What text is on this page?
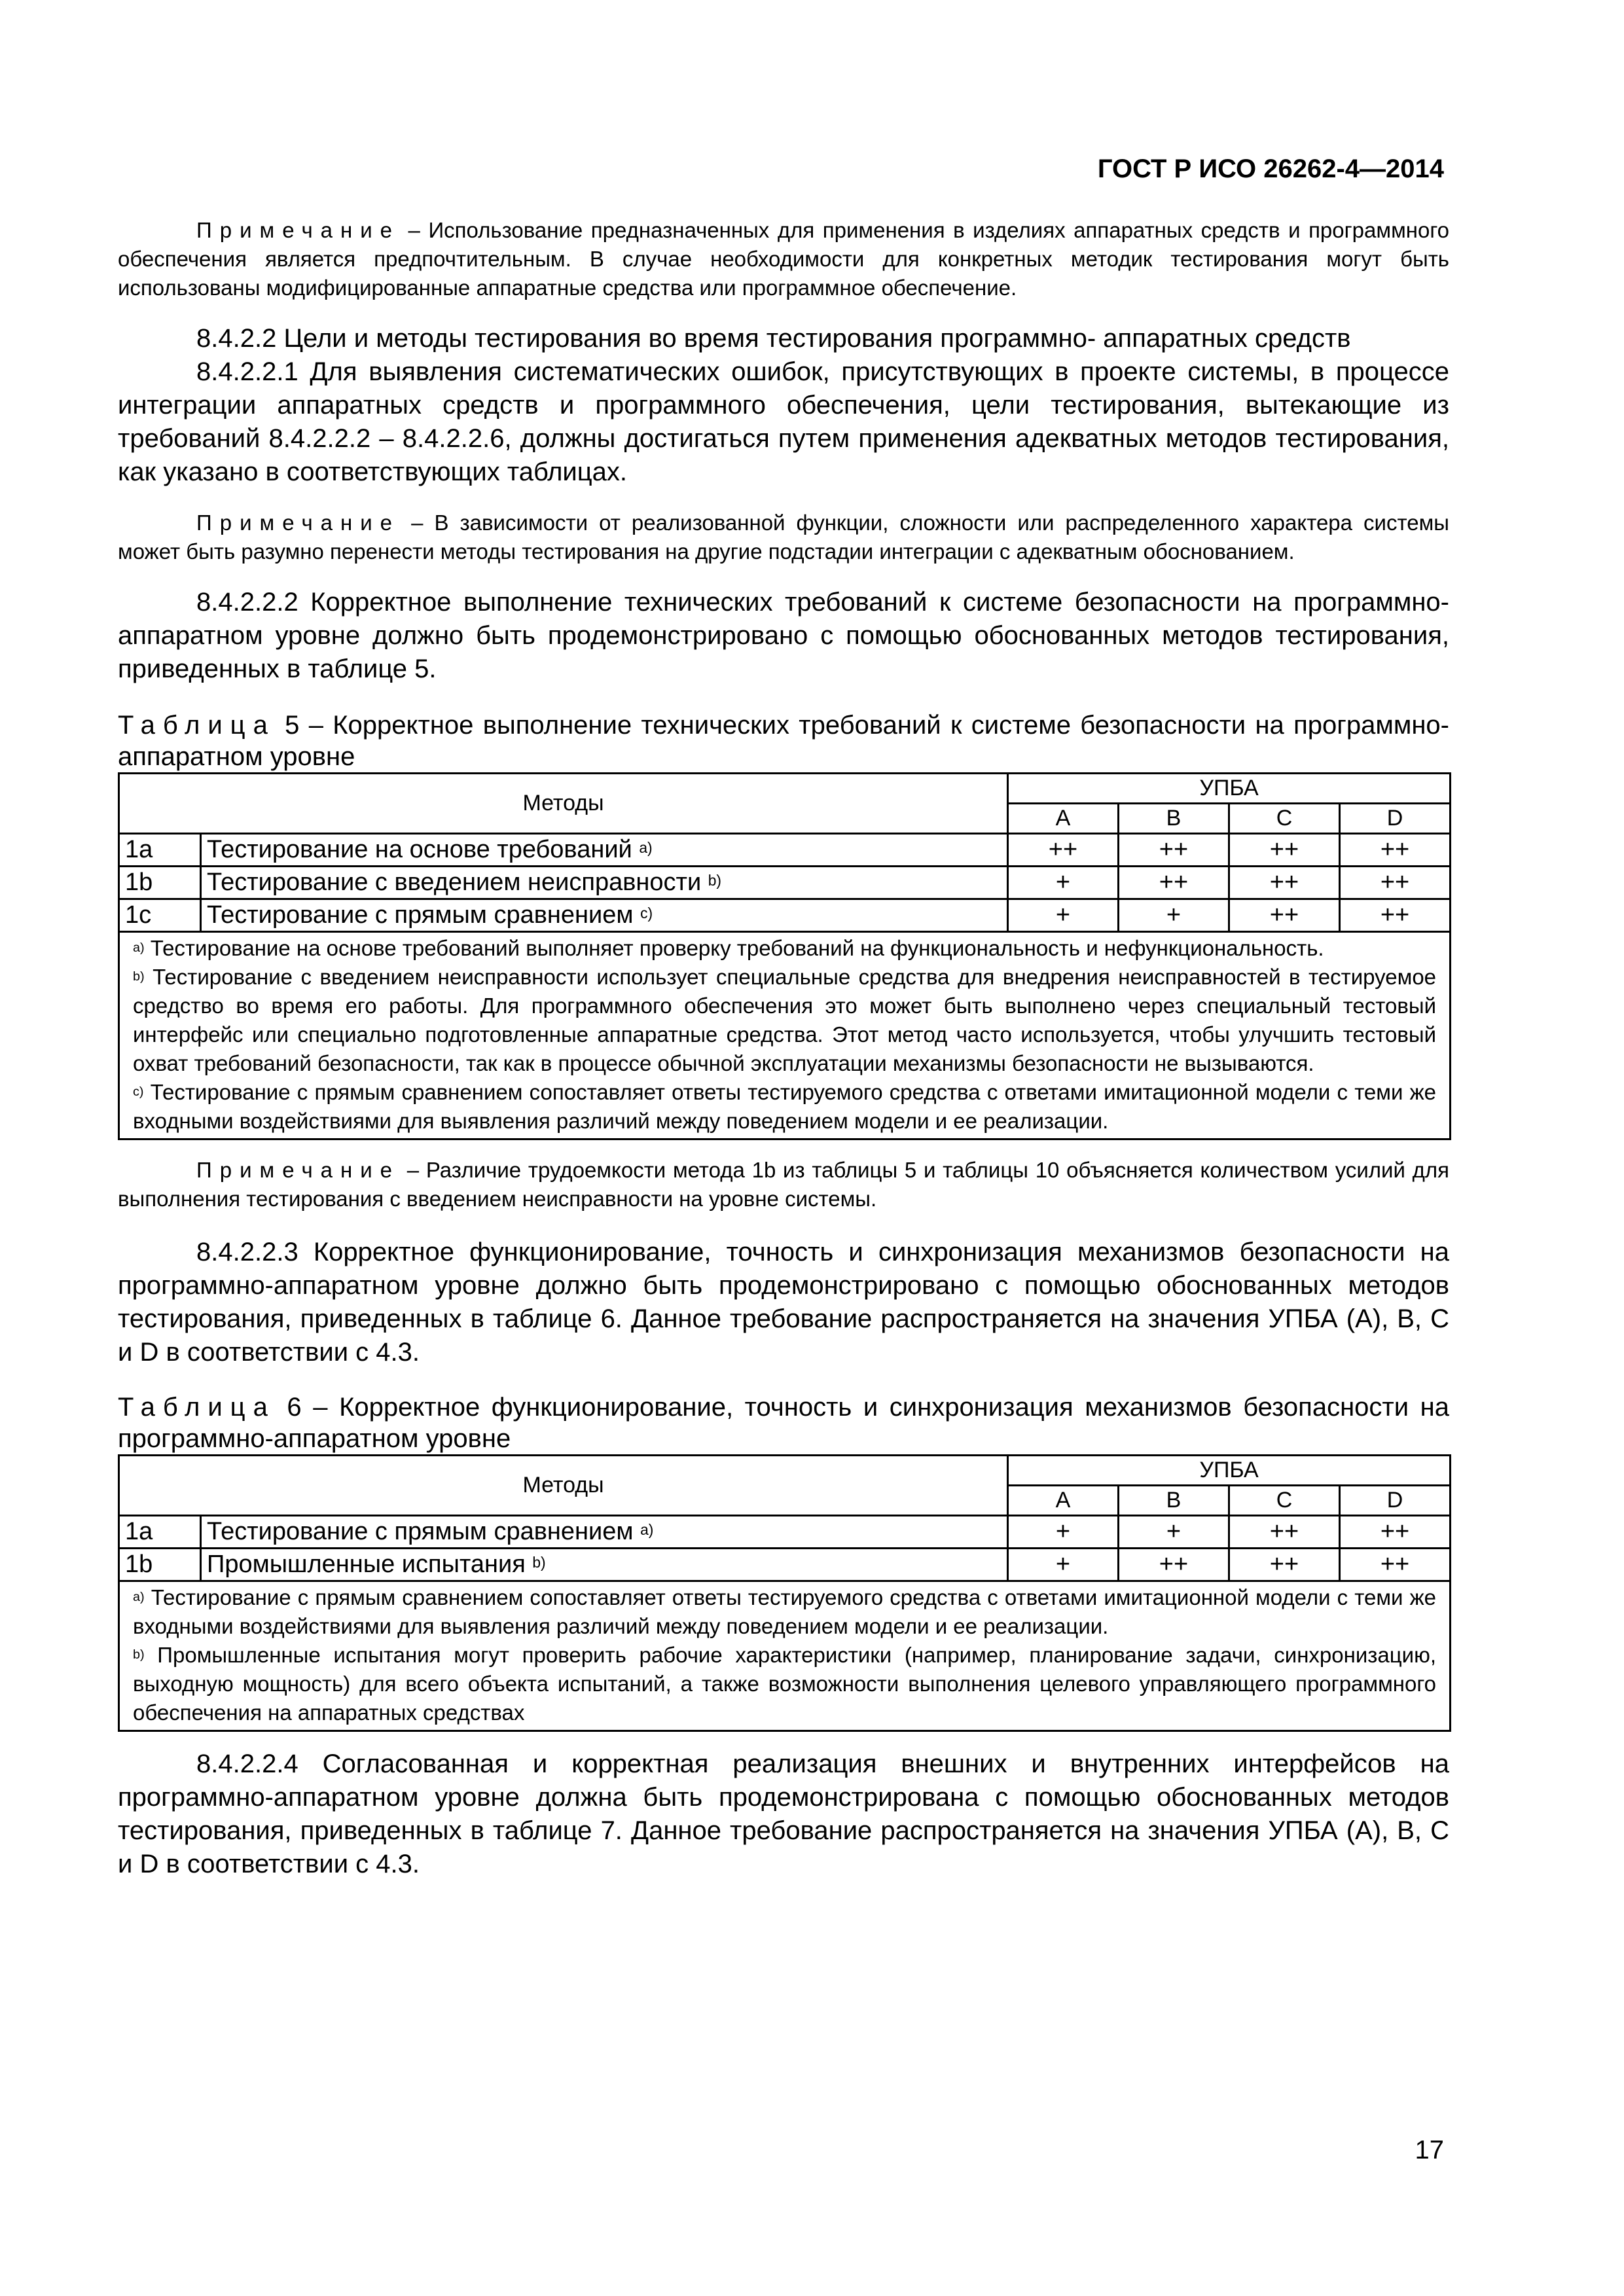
ГОСТ Р ИСО 26262-4—2014

Примечание – Использование предназначенных для применения в изделиях аппаратных средств и программного обеспечения является предпочтительным. В случае необходимости для конкретных методик тестирования могут быть использованы модифицированные аппаратные средства или программное обеспечение.

8.4.2.2 Цели и методы тестирования во время тестирования программно- аппаратных средств

8.4.2.2.1 Для выявления систематических ошибок, присутствующих в проекте системы, в процессе интеграции аппаратных средств и программного обеспечения, цели тестирования, вытекающие из требований 8.4.2.2.2 – 8.4.2.2.6, должны достигаться путем применения адекватных методов тестирования, как указано в соответствующих таблицах.

Примечание – В зависимости от реализованной функции, сложности или распределенного характера системы может быть разумно перенести методы тестирования на другие подстадии интеграции с адекватным обоснованием.

8.4.2.2.2 Корректное выполнение технических требований к системе безопасности на программно-аппаратном уровне должно быть продемонстрировано с помощью обоснованных методов тестирования, приведенных в таблице 5.

Таблица 5 – Корректное выполнение технических требований к системе безопасности на программно-аппаратном уровне

Методы		УПБА			
		A	B	C	D
1a	Тестирование на основе требований $^{a)}$	++	++	++	++
1b	Тестирование с введением неисправности $^{b)}$	+	++	++	++
1c	Тестирование с прямым сравнением $^{c)}$	+	+	++	++

$^{a)}$ Тестирование на основе требований выполняет проверку требований на функциональность и нефункциональность.

$^{b)}$ Тестирование с введением неисправности использует специальные средства для внедрения неисправностей в тестируемое средство во время его работы. Для программного обеспечения это может быть выполнено через специальный тестовый интерфейс или специально подготовленные аппаратные средства. Этот метод часто используется, чтобы улучшить тестовый охват требований безопасности, так как в процессе обычной эксплуатации механизмы безопасности не вызываются.

$^{c)}$ Тестирование с прямым сравнением сопоставляет ответы тестируемого средства с ответами имитационной модели с теми же входными воздействиями для выявления различий между поведением модели и ее реализации.					

Примечание – Различие трудоемкости метода 1b из таблицы 5 и таблицы 10 объясняется количеством усилий для выполнения тестирования с введением неисправности на уровне системы.

8.4.2.2.3 Корректное функционирование, точность и синхронизация механизмов безопасности на программно-аппаратном уровне должно быть продемонстрировано с помощью обоснованных методов тестирования, приведенных в таблице 6. Данное требование распространяется на значения УПБА (A), B, C и D в соответствии с 4.3.

Таблица 6 – Корректное функционирование, точность и синхронизация механизмов безопасности на программно-аппаратном уровне

Методы		УПБА			
		A	B	C	D
1a	Тестирование с прямым сравнением $^{a)}$	+	+	++	++
1b	Промышленные испытания $^{b)}$	+	++	++	++

$^{a)}$ Тестирование с прямым сравнением сопоставляет ответы тестируемого средства с ответами имитационной модели с теми же входными воздействиями для выявления различий между поведением модели и ее реализации.

$^{b)}$ Промышленные испытания могут проверить рабочие характеристики (например, планирование задачи, синхронизацию, выходную мощность) для всего объекта испытаний, а также возможности выполнения целевого управляющего программного обеспечения на аппаратных средствах					

8.4.2.2.4 Согласованная и корректная реализация внешних и внутренних интерфейсов на программно-аппаратном уровне должна быть продемонстрирована с помощью обоснованных методов тестирования, приведенных в таблице 7. Данное требование распространяется на значения УПБА (A), B, C и D в соответствии с 4.3.

17
